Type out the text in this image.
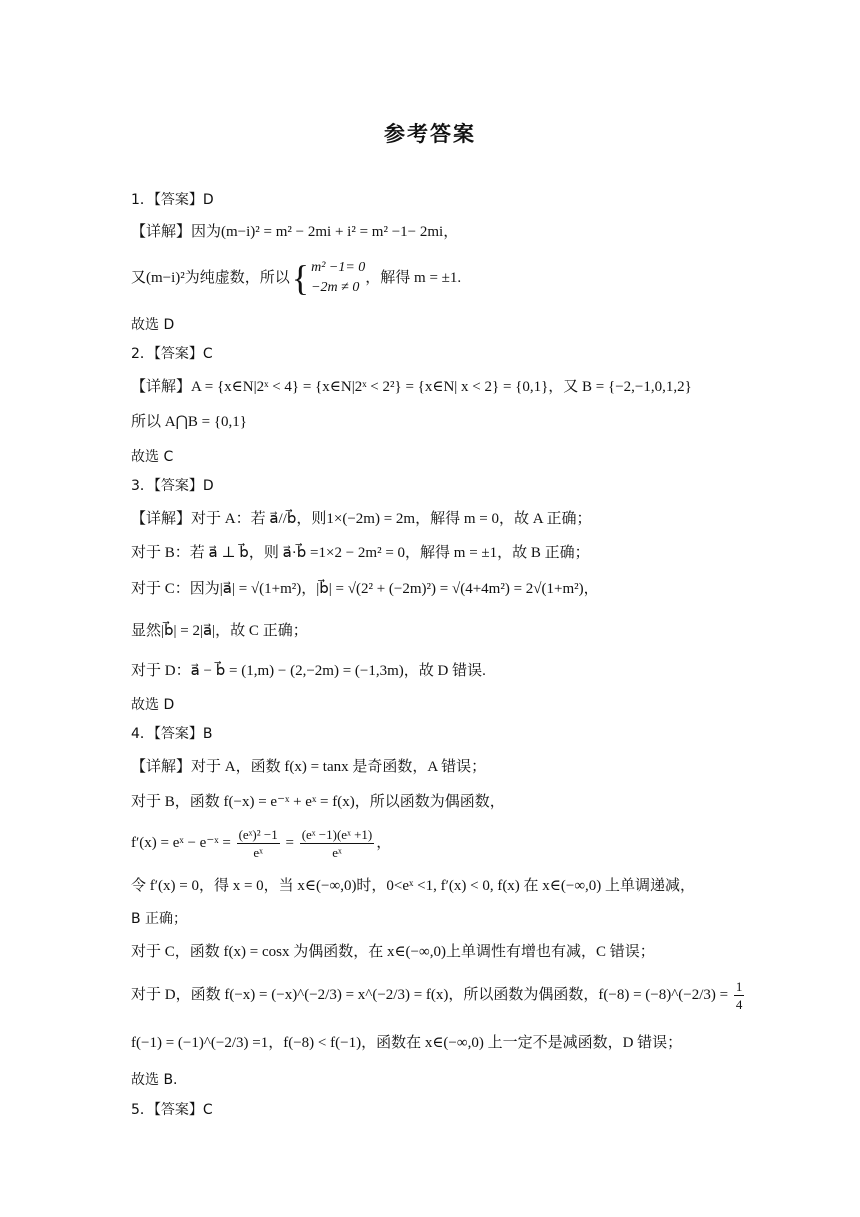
参考答案
1．【答案】D
【详解】因为(m−i)² = m² − 2mi + i² = m² −1− 2mi，
又(m−i)²为纯虚数，所以{ m² −1= 0
−2m ≠ 0
，解得 m = ±1.
故选 D
2．【答案】C
【详解】A = {x∈N|2ˣ < 4} = {x∈N|2ˣ < 2²} = {x∈N| x < 2} = {0,1}，又 B = {−2,−1,0,1,2}
所以 A⋂B = {0,1}
故选 C
3．【答案】D
【详解】对于 A：若 a⃗//b⃗，则1×(−2m) = 2m，解得 m = 0，故 A 正确；
对于 B：若 a⃗ ⊥ b⃗，则 a⃗·b⃗ =1×2 − 2m² = 0，解得 m = ±1，故 B 正确；
对于 C：因为|a⃗| = √(1+m²)，|b⃗| = √(2² + (−2m)²) = √(4+4m²) = 2√(1+m²)，
显然|b⃗| = 2|a⃗|，故 C 正确；
对于 D：a⃗ − b⃗ = (1,m) − (2,−2m) = (−1,3m)，故 D 错误.
故选 D
4．【答案】B
【详解】对于 A，函数 f(x) = tanx 是奇函数，A 错误；
对于 B，函数 f(−x) = e⁻ˣ + eˣ = f(x)，所以函数为偶函数，
f′(x) = eˣ − e⁻ˣ = $\frac{\text{(eˣ)² −1}}{\text{eˣ}} = \frac{\text{(eˣ −1)(eˣ +1)}}{\text{eˣ}}$ ，
令 f′(x) = 0，得 x = 0，当 x∈(−∞,0)时，0<eˣ <1, f′(x) < 0, f(x) 在 x∈(−∞,0) 上单调递减，
B 正确；
对于 C，函数 f(x) = cosx 为偶函数，在 x∈(−∞,0)上单调性有增也有减，C 错误；
对于 D，函数 f(−x) = (−x)^(−2/3) = x^(−2/3) = f(x)，所以函数为偶函数，f(−8) = (−8)^(−2/3) = $\frac{1}{4}$
f(−1) = (−1)^(−2/3) =1，f(−8) < f(−1)，函数在 x∈(−∞,0) 上一定不是减函数，D 错误；
故选 B.
5．【答案】C
